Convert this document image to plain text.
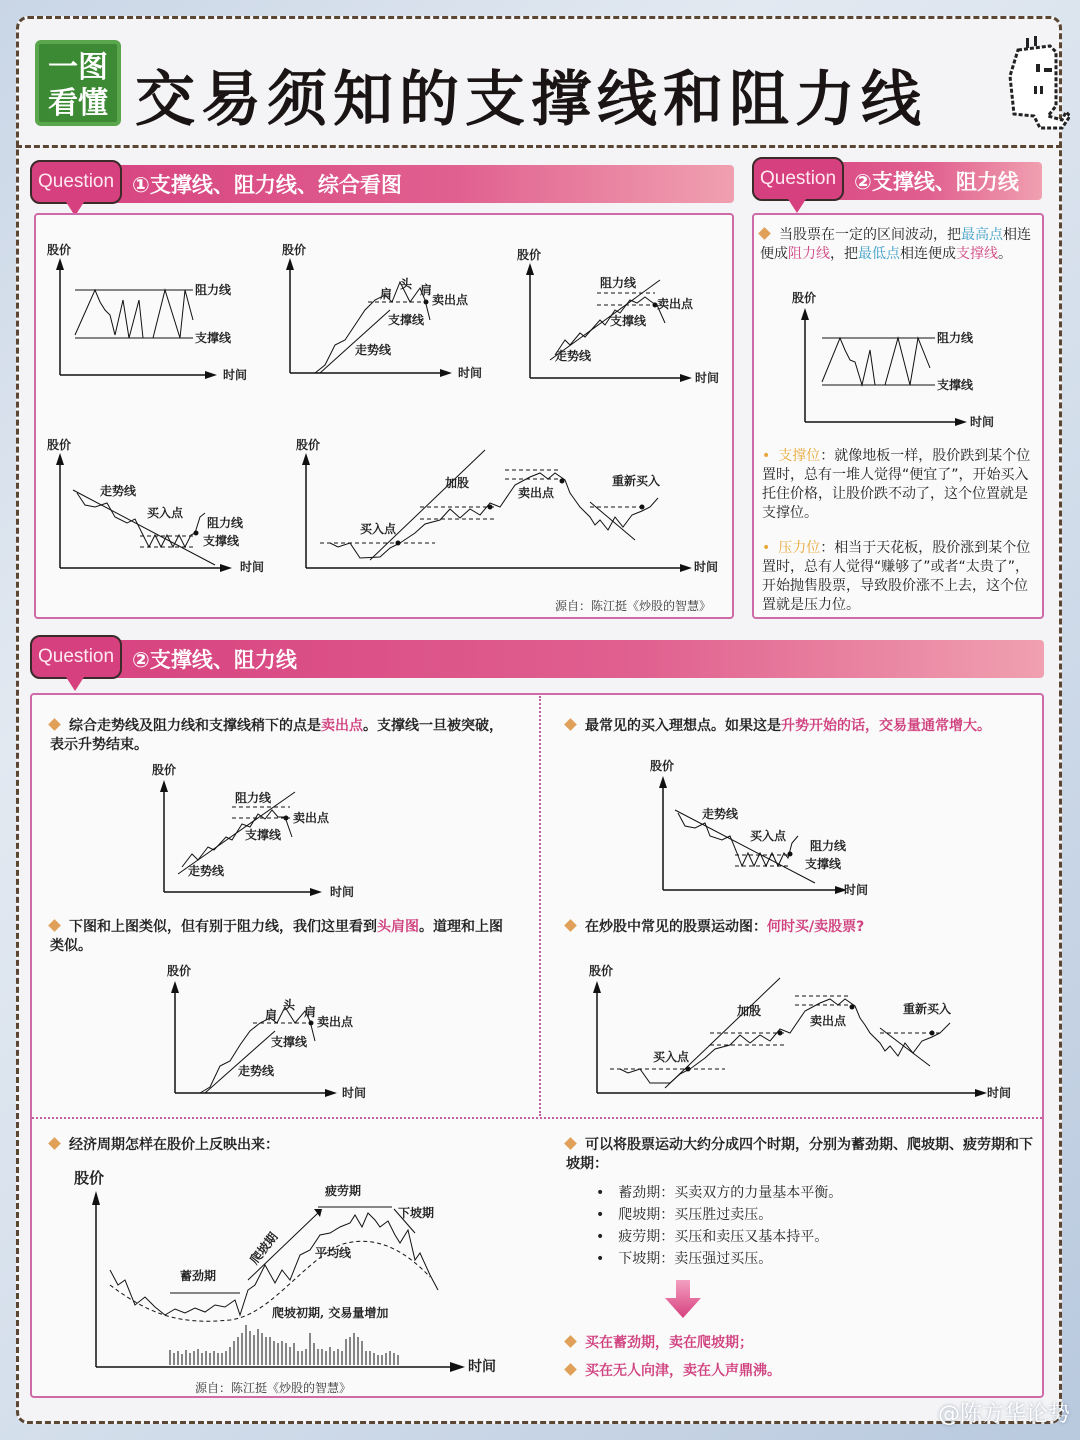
一图
看懂 交易须知的支撑线和阻力线
Question ①支撑线、阻力线、综合看图
股价
阻力线
支撑线
时间
股价
肩
头 肩
卖出点
支撑线
走势线
时间
股价
阻力线
卖出点
支撑线
走势线
时间
股价
走势线
买入点
阻力线
支撑线
时间
股价
买入点
加股
卖出点
重新买入
时间
源自：陈江挺《炒股的智慧》
Question ②支撑线、阻力线
当股票在一定的区间波动，把最高点相连便成阻力线，把最低点相连便成支撑线。
股价
阻力线
支撑线
时间
• 支撑位：就像地板一样，股价跌到某个位置时，总有一堆人觉得“便宜了”，开始买入托住价格，让股价跌不动了，这个位置就是支撑位。
• 压力位：相当于天花板，股价涨到某个位置时，总有人觉得“赚够了”或者“太贵了”，开始抛售股票，导致股价涨不上去，这个位置就是压力位。
Question ②支撑线、阻力线
综合走势线及阻力线和支撑线稍下的点是卖出点。支撑线一旦被突破，表示升势结束。
股价
阻力线
卖出点
支撑线
走势线
时间
最常见的买入理想点。如果这是升势开始的话，交易量通常增大。
股价
走势线
买入点
阻力线
支撑线
时间
下图和上图类似，但有别于阻力线，我们这里看到头肩图。道理和上图类似。
股价
肩
头 肩
卖出点
支撑线
走势线
时间
在炒股中常见的股票运动图：何时买/卖股票?
股价
买入点
加股
卖出点
重新买入
时间
经济周期怎样在股价上反映出来：
股价
蓄劲期
爬坡期
疲劳期
下坡期
平均线
爬坡初期, 交易量增加
时间
源自：陈江挺《炒股的智慧》
可以将股票运动大约分成四个时期，分别为蓄劲期、爬坡期、疲劳期和下坡期：
• 蓄劲期：买卖双方的力量基本平衡。
• 爬坡期：买压胜过卖压。
• 疲劳期：买压和卖压又基本持平。
• 下坡期：卖压强过买压。
买在蓄劲期，卖在爬坡期；
买在无人向津，卖在人声鼎沸。
@陈方华论势
